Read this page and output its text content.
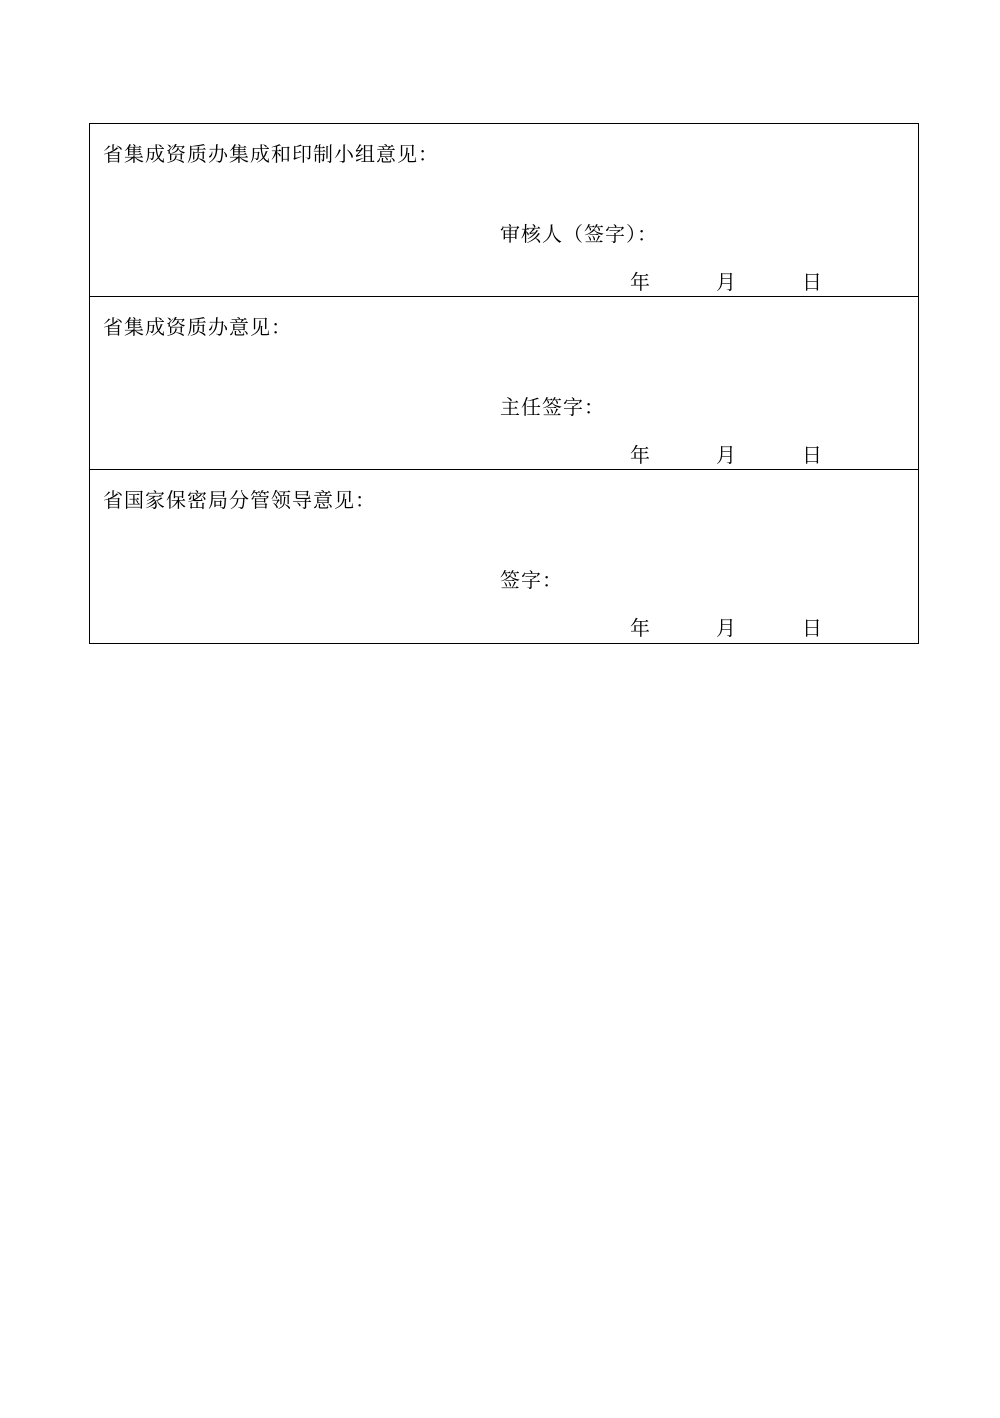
省集成资质办集成和印制小组意见：
审核人（签字）：
年	月	日
省集成资质办意见：
主任签字：
年	月	日
省国家保密局分管领导意见：
签字：
年	月	日
